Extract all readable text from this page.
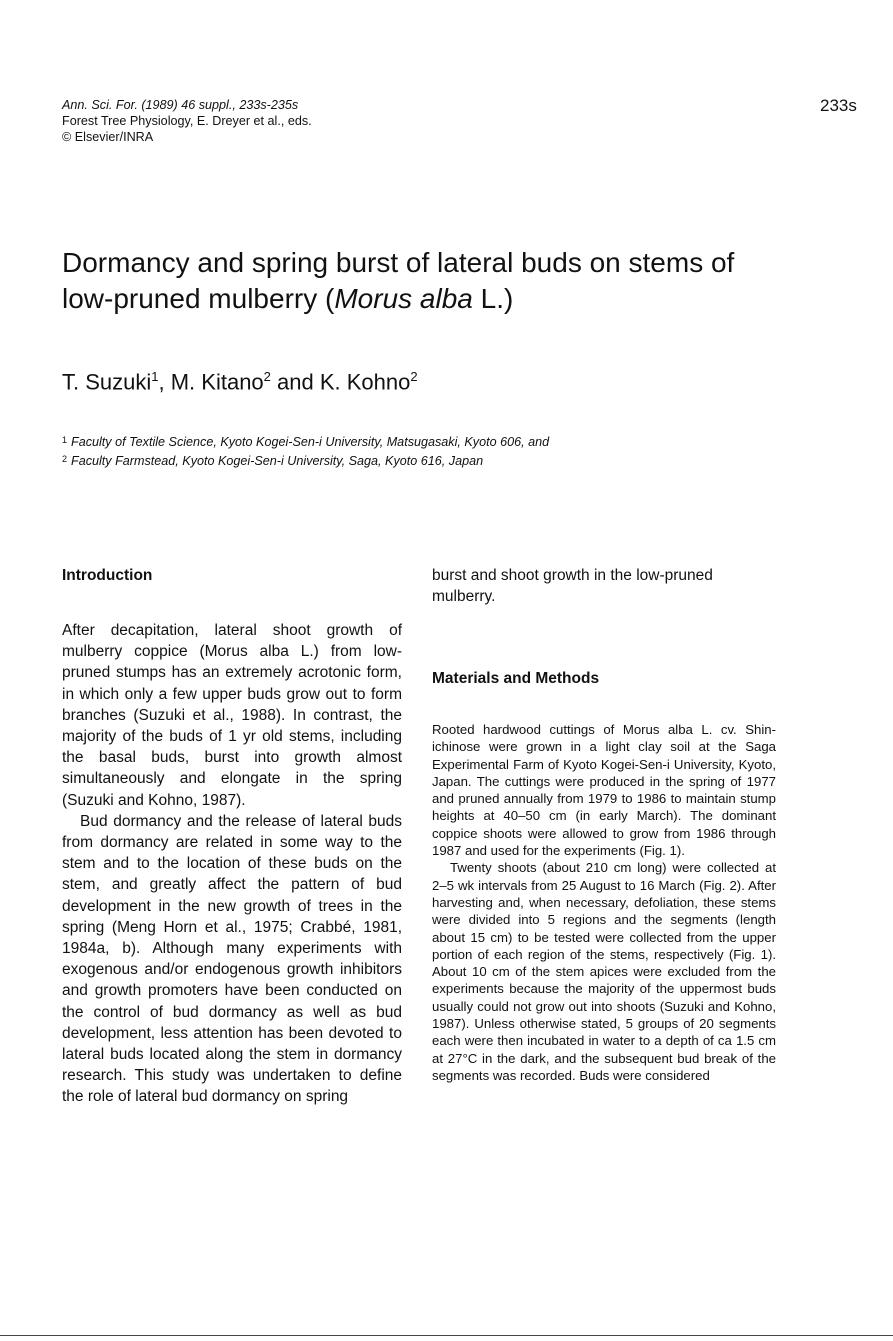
Ann. Sci. For. (1989) 46 suppl., 233s-235s
Forest Tree Physiology, E. Dreyer et al., eds.
© Elsevier/INRA
233s
Dormancy and spring burst of lateral buds on stems of
low-pruned mulberry (Morus alba L.)
T. Suzuki$^1$, M. Kitano$^2$ and K. Kohno$^2$
$^1$ Faculty of Textile Science, Kyoto Kogei-Sen-i University, Matsugasaki, Kyoto 606, and
$^2$ Faculty Farmstead, Kyoto Kogei-Sen-i University, Saga, Kyoto 616, Japan
Introduction

After decapitation, lateral shoot growth of mulberry coppice (Morus alba L.) from low-pruned stumps has an extremely acrotonic form, in which only a few upper buds grow out to form branches (Suzuki et al., 1988). In contrast, the majority of the buds of 1 yr old stems, including the basal buds, burst into growth almost simultaneously and elongate in the spring (Suzuki and Kohno, 1987).

Bud dormancy and the release of lateral buds from dormancy are related in some way to the stem and to the location of these buds on the stem, and greatly affect the pattern of bud development in the new growth of trees in the spring (Meng Horn et al., 1975; Crabbé, 1981, 1984a, b). Although many experiments with exogenous and/or endogenous growth inhibitors and growth promoters have been conducted on the control of bud dormancy as well as bud development, less attention has been devoted to lateral buds located along the stem in dormancy research. This study was undertaken to define the role of lateral bud dormancy on spring

burst and shoot growth in the low-pruned mulberry.

Materials and Methods

Rooted hardwood cuttings of Morus alba L. cv. Shin-ichinose were grown in a light clay soil at the Saga Experimental Farm of Kyoto Kogei-Sen-i University, Kyoto, Japan. The cuttings were produced in the spring of 1977 and pruned annually from 1979 to 1986 to maintain stump heights at 40–50 cm (in early March). The dominant coppice shoots were allowed to grow from 1986 through 1987 and used for the experiments (Fig. 1).

Twenty shoots (about 210 cm long) were collected at 2–5 wk intervals from 25 August to 16 March (Fig. 2). After harvesting and, when necessary, defoliation, these stems were divided into 5 regions and the segments (length about 15 cm) to be tested were collected from the upper portion of each region of the stems, respectively (Fig. 1). About 10 cm of the stem apices were excluded from the experiments because the majority of the uppermost buds usually could not grow out into shoots (Suzuki and Kohno, 1987). Unless otherwise stated, 5 groups of 20 segments each were then incubated in water to a depth of ca 1.5 cm at 27°C in the dark, and the subsequent bud break of the segments was recorded. Buds were considered
